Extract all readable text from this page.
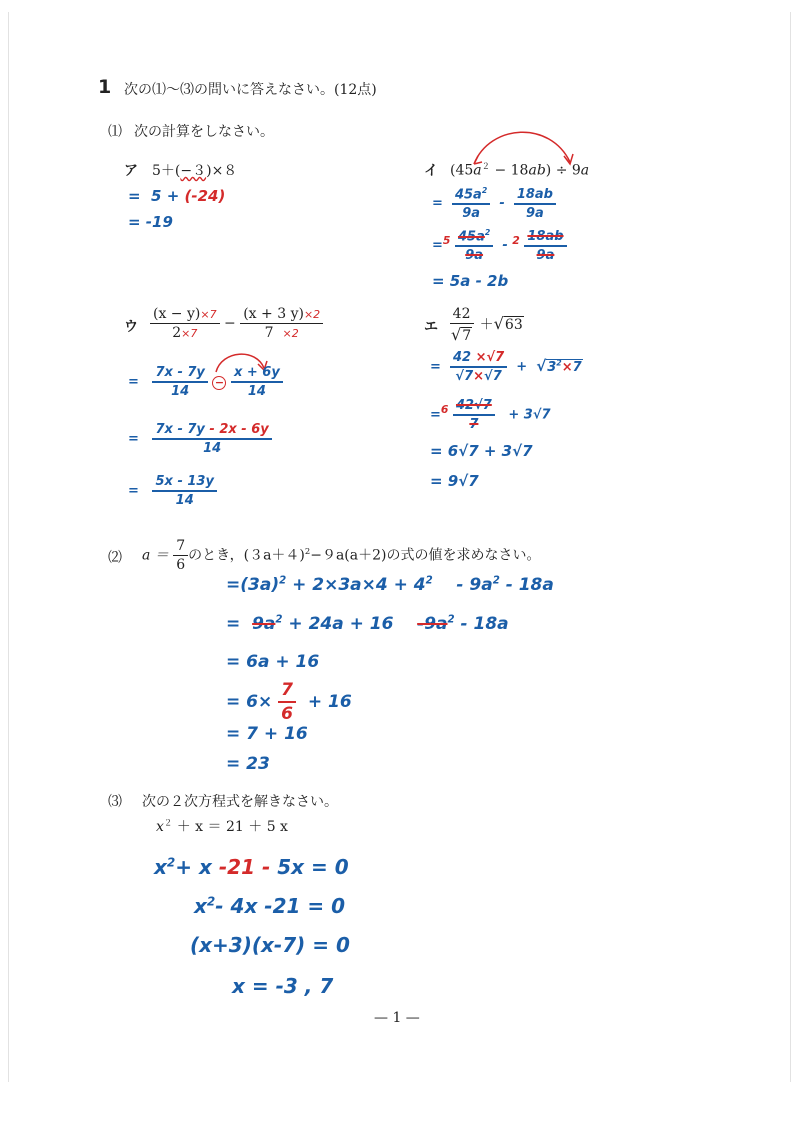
1 次の⑴〜⑶の問いに答えなさい。(12点)
⑴ 次の計算をしなさい。
ア 5＋(−３)×８
= 5 + (-24)
= -19
イ $(45a^2 - 18ab) \div 9a$
= $\frac{45a^2}{9a} - \frac{18ab}{9a}$
$=^5 \frac{45a^2}{9a} - ^2 \frac{18ab}{9a}$
= 5a - 2b
ウ $\frac{(x - y)\times 7}{2\times 7} - \frac{(x + 3 y)\times 2}{7 \times 2}$
= $\frac{7x - 7y}{14} - \frac{x + 6y}{14}$
= $\frac{7x - 7y - 2x - 6y}{14}$
= $\frac{5x - 13y}{14}$
エ $\frac{42}{√7} +√63$
= $\frac{42 \times√7}{√7\times√7} + √3^2\times 7$
$=^6 \frac{42√7}{7} + 3√7$
= 6√7 + 3√7
= 9√7
⑵ $a = \frac{7}{6}$ のとき，$(3a+4)^2-9a(a+2)$の式の値を求めなさい。
$=(3a)^2 + 2\times 3a\times 4 + 4^2 - 9a^2 - 18a$
= $9a^2 + 24a + 16$ $-9a^2 - 18a$
= 6a + 16
= $6\times \frac{7}{6} + 16$
= 7 + 16
= 23
⑶ 次の２次方程式を解きなさい。
$x^2 + x = 21 + 5$ x
$x^2+ x$ -21 - 5x = 0
$x^2-$ 4x -21 = 0
(x+3)(x-7) = 0
x = -3 , 7
— 1 —
